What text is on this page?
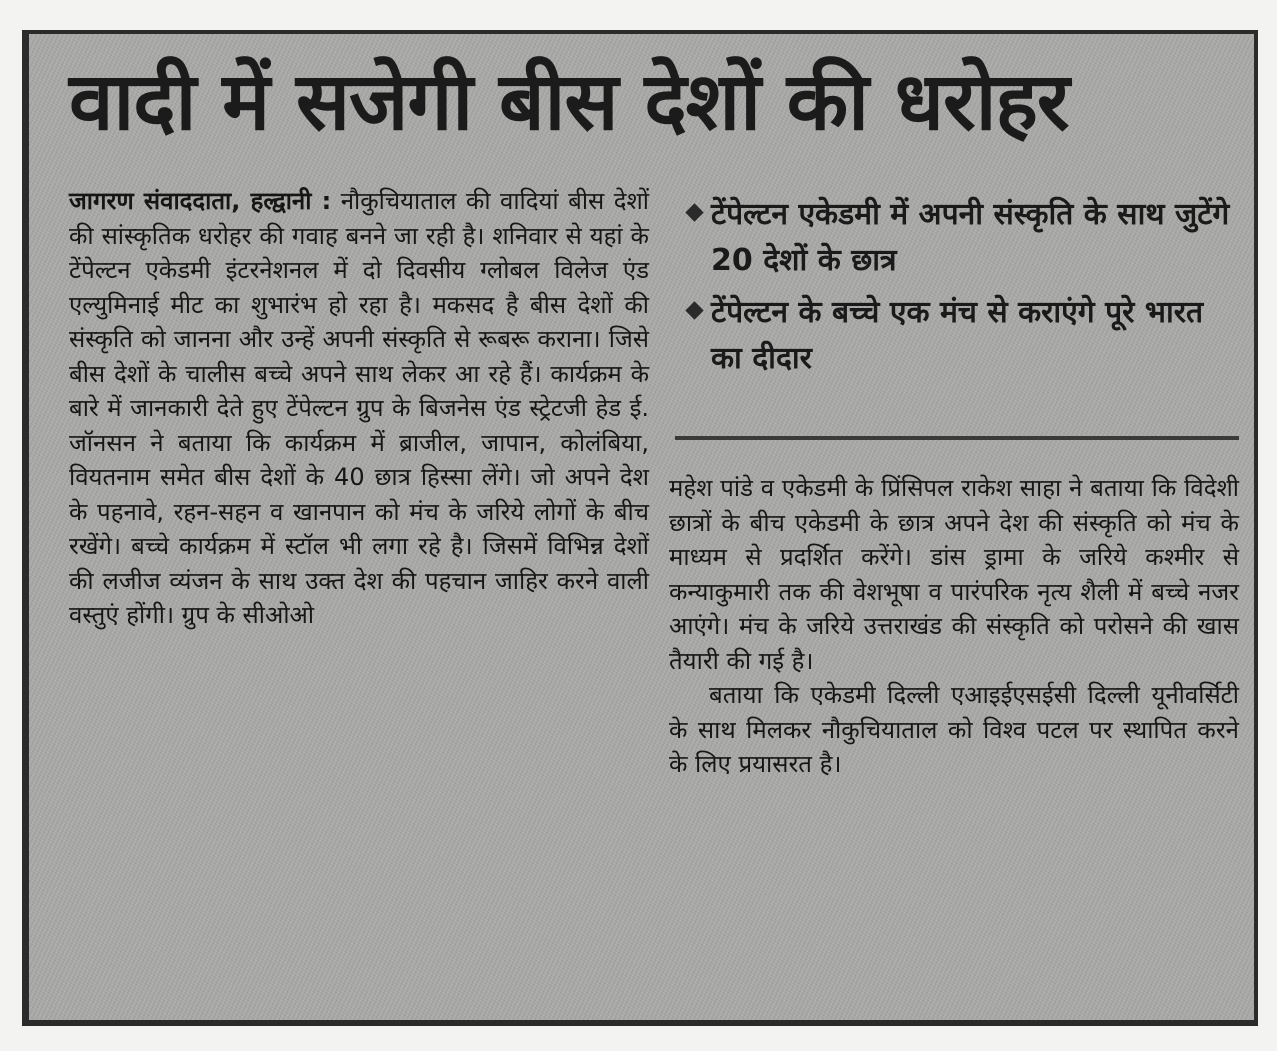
वादी में सजेगी बीस देशों की धरोहर

जागरण संवाददाता, हल्द्वानी : नौकुचियाताल की वादियां बीस देशों की सांस्कृतिक धरोहर की गवाह बनने जा रही है। शनिवार से यहां के टेंपेल्टन एकेडमी इंटरनेशनल में दो दिवसीय ग्लोबल विलेज एंड एल्युमिनाई मीट का शुभारंभ हो रहा है। मकसद है बीस देशों की संस्कृति को जानना और उन्हें अपनी संस्कृति से रूबरू कराना। जिसे बीस देशों के चालीस बच्चे अपने साथ लेकर आ रहे हैं। कार्यक्रम के बारे में जानकारी देते हुए टेंपेल्टन ग्रुप के बिजनेस एंड स्ट्रेटजी हेड ई. जॉनसन ने बताया कि कार्यक्रम में ब्राजील, जापान, कोलंबिया, वियतनाम समेत बीस देशों के 40 छात्र हिस्सा लेंगे। जो अपने देश के पहनावे, रहन-सहन व खानपान को मंच के जरिये लोगों के बीच रखेंगे। बच्चे कार्यक्रम में स्टॉल भी लगा रहे है। जिसमें विभिन्न देशों की लजीज व्यंजन के साथ उक्त देश की पहचान जाहिर करने वाली वस्तुएं होंगी। ग्रुप के सीओओ

टेंपेल्टन एकेडमी में अपनी संस्कृति के साथ जुटेंगे 20 देशों के छात्र
टेंपेल्टन के बच्चे एक मंच से कराएंगे पूरे भारत का दीदार

महेश पांडे व एकेडमी के प्रिंसिपल राकेश साहा ने बताया कि विदेशी छात्रों के बीच एकेडमी के छात्र अपने देश की संस्कृति को मंच के माध्यम से प्रदर्शित करेंगे। डांस ड्रामा के जरिये कश्मीर से कन्याकुमारी तक की वेशभूषा व पारंपरिक नृत्य शैली में बच्चे नजर आएंगे। मंच के जरिये उत्तराखंड की संस्कृति को परोसने की खास तैयारी की गई है।

बताया कि एकेडमी दिल्ली एआइईएसईसी दिल्ली यूनीवर्सिटी के साथ मिलकर नौकुचियाताल को विश्व पटल पर स्थापित करने के लिए प्रयासरत है।
